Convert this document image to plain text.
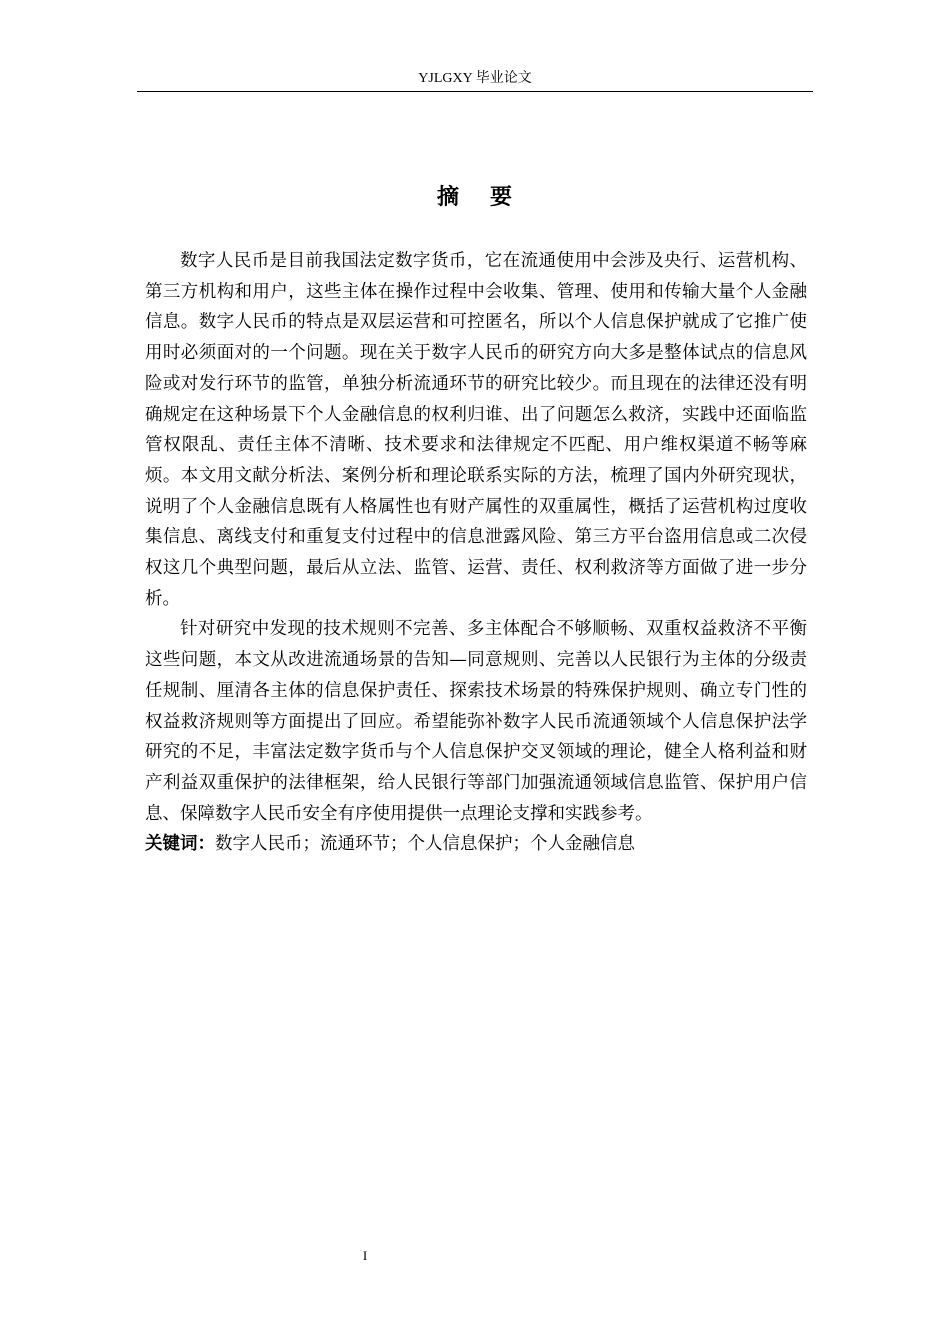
YJLGXY 毕业论文
摘 要

数字人民币是目前我国法定数字货币，它在流通使用中会涉及央行、运营机构、第三方机构和用户，这些主体在操作过程中会收集、管理、使用和传输大量个人金融信息。数字人民币的特点是双层运营和可控匿名，所以个人信息保护就成了它推广使用时必须面对的一个问题。现在关于数字人民币的研究方向大多是整体试点的信息风险或对发行环节的监管，单独分析流通环节的研究比较少。而且现在的法律还没有明确规定在这种场景下个人金融信息的权利归谁、出了问题怎么救济，实践中还面临监管权限乱、责任主体不清晰、技术要求和法律规定不匹配、用户维权渠道不畅等麻烦。本文用文献分析法、案例分析和理论联系实际的方法，梳理了国内外研究现状，说明了个人金融信息既有人格属性也有财产属性的双重属性，概括了运营机构过度收集信息、离线支付和重复支付过程中的信息泄露风险、第三方平台盗用信息或二次侵权这几个典型问题，最后从立法、监管、运营、责任、权利救济等方面做了进一步分析。

针对研究中发现的技术规则不完善、多主体配合不够顺畅、双重权益救济不平衡这些问题，本文从改进流通场景的告知—同意规则、完善以人民银行为主体的分级责任规制、厘清各主体的信息保护责任、探索技术场景的特殊保护规则、确立专门性的权益救济规则等方面提出了回应。希望能弥补数字人民币流通领域个人信息保护法学研究的不足，丰富法定数字货币与个人信息保护交叉领域的理论，健全人格利益和财产利益双重保护的法律框架，给人民银行等部门加强流通领域信息监管、保护用户信息、保障数字人民币安全有序使用提供一点理论支撑和实践参考。

关键词：数字人民币；流通环节；个人信息保护；个人金融信息

I
